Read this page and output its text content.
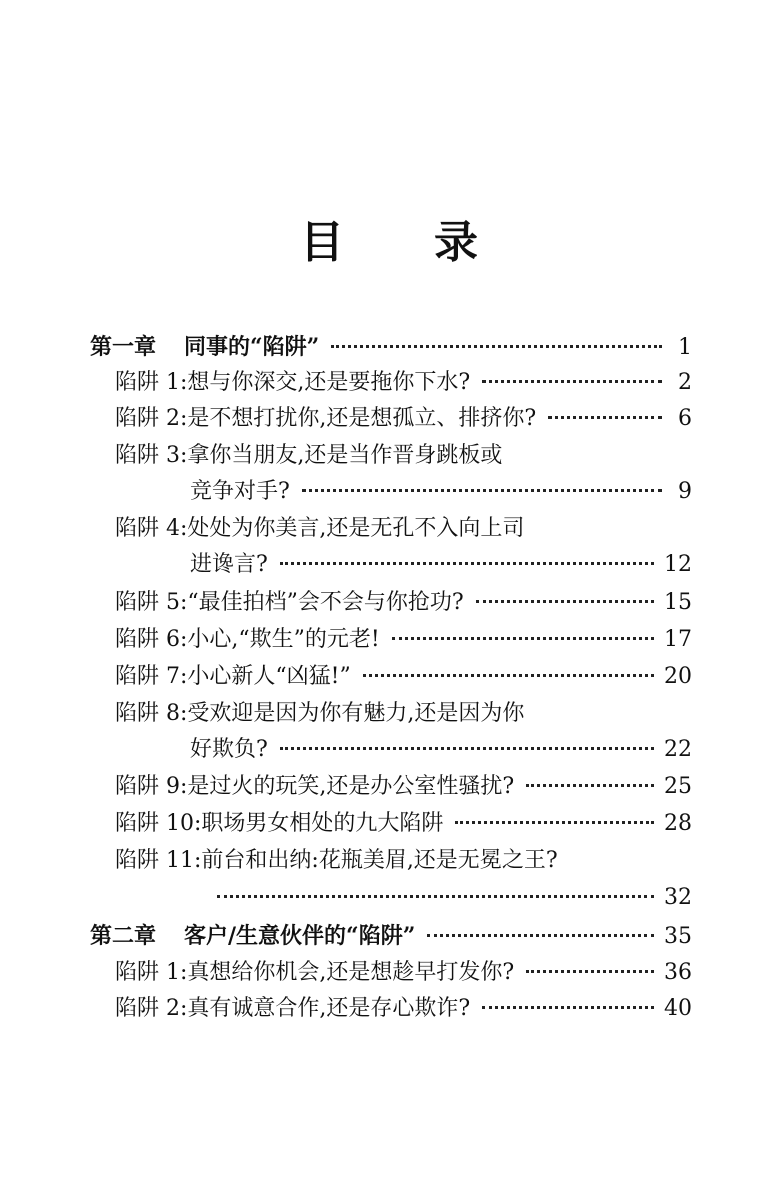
目 录
第一章 同事的“陷阱”	1
陷阱 1:想与你深交,还是要拖你下水?	2
陷阱 2:是不想打扰你,还是想孤立、排挤你?	6
陷阱 3:拿你当朋友,还是当作晋身跳板或
竞争对手?	9
陷阱 4:处处为你美言,还是无孔不入向上司
进谗言?	12
陷阱 5:“最佳拍档”会不会与你抢功?	15
陷阱 6:小心,“欺生”的元老!	17
陷阱 7:小心新人“凶猛!”	20
陷阱 8:受欢迎是因为你有魅力,还是因为你
好欺负?	22
陷阱 9:是过火的玩笑,还是办公室性骚扰?	25
陷阱 10:职场男女相处的九大陷阱	28
陷阱 11:前台和出纳:花瓶美眉,还是无冕之王?
32
第二章 客户/生意伙伴的“陷阱”	35
陷阱 1:真想给你机会,还是想趁早打发你?	36
陷阱 2:真有诚意合作,还是存心欺诈?	40
